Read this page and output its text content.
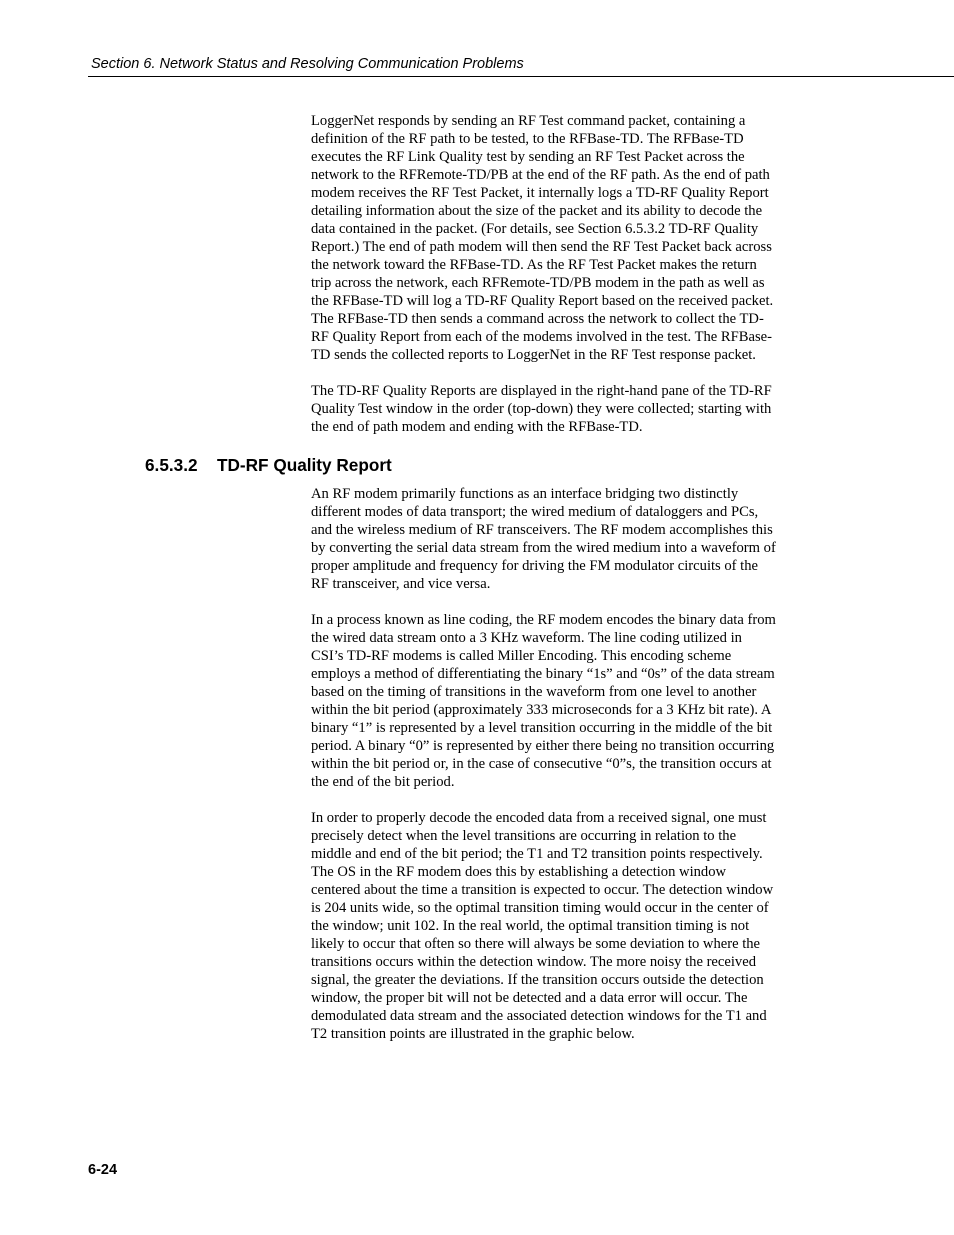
Section 6. Network Status and Resolving Communication Problems

LoggerNet responds by sending an RF Test command packet, containing a

definition of the RF path to be tested, to the RFBase-TD. The RFBase-TD

executes the RF Link Quality test by sending an RF Test Packet across the

network to the RFRemote-TD/PB at the end of the RF path. As the end of path

modem receives the RF Test Packet, it internally logs a TD-RF Quality Report

detailing information about the size of the packet and its ability to decode the

data contained in the packet. (For details, see Section 6.5.3.2 TD-RF Quality

Report.) The end of path modem will then send the RF Test Packet back across

the network toward the RFBase-TD. As the RF Test Packet makes the return

trip across the network, each RFRemote-TD/PB modem in the path as well as

the RFBase-TD will log a TD-RF Quality Report based on the received packet.

The RFBase-TD then sends a command across the network to collect the TD-

RF Quality Report from each of the modems involved in the test. The RFBase-

TD sends the collected reports to LoggerNet in the RF Test response packet.

The TD-RF Quality Reports are displayed in the right-hand pane of the TD-RF

Quality Test window in the order (top-down) they were collected; starting with

the end of path modem and ending with the RFBase-TD.

6.5.3.2 TD-RF Quality Report

An RF modem primarily functions as an interface bridging two distinctly

different modes of data transport; the wired medium of dataloggers and PCs,

and the wireless medium of RF transceivers. The RF modem accomplishes this

by converting the serial data stream from the wired medium into a waveform of

proper amplitude and frequency for driving the FM modulator circuits of the

RF transceiver, and vice versa.

In a process known as line coding, the RF modem encodes the binary data from

the wired data stream onto a 3 KHz waveform. The line coding utilized in

CSI’s TD-RF modems is called Miller Encoding. This encoding scheme

employs a method of differentiating the binary “1s” and “0s” of the data stream

based on the timing of transitions in the waveform from one level to another

within the bit period (approximately 333 microseconds for a 3 KHz bit rate). A

binary “1” is represented by a level transition occurring in the middle of the bit

period. A binary “0” is represented by either there being no transition occurring

within the bit period or, in the case of consecutive “0”s, the transition occurs at

the end of the bit period.

In order to properly decode the encoded data from a received signal, one must

precisely detect when the level transitions are occurring in relation to the

middle and end of the bit period; the T1 and T2 transition points respectively.

The OS in the RF modem does this by establishing a detection window

centered about the time a transition is expected to occur. The detection window

is 204 units wide, so the optimal transition timing would occur in the center of

the window; unit 102. In the real world, the optimal transition timing is not

likely to occur that often so there will always be some deviation to where the

transitions occurs within the detection window. The more noisy the received

signal, the greater the deviations. If the transition occurs outside the detection

window, the proper bit will not be detected and a data error will occur. The

demodulated data stream and the associated detection windows for the T1 and

T2 transition points are illustrated in the graphic below.

6-24
